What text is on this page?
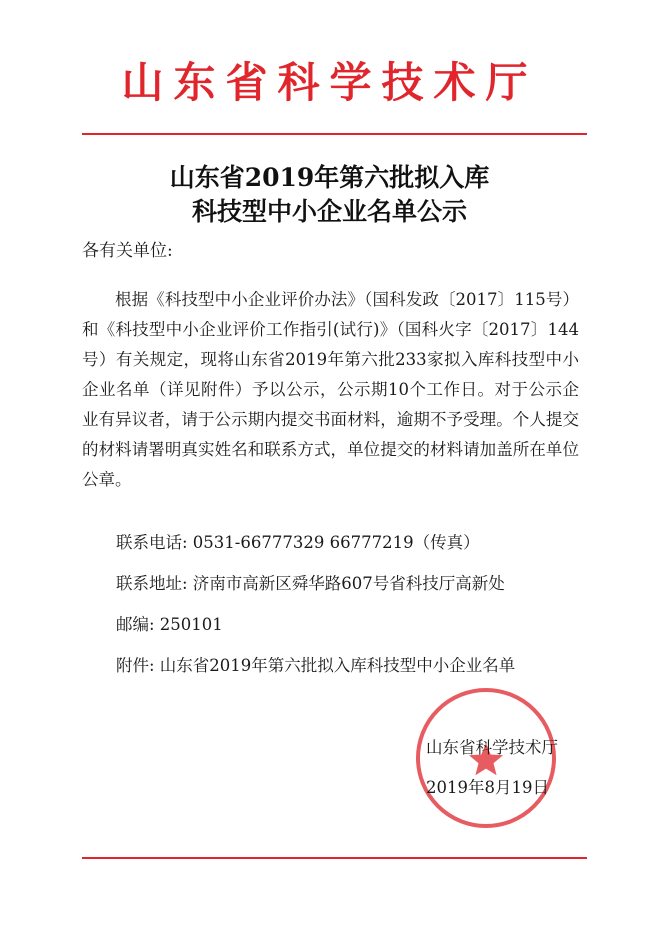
山东省科学技术厅
山东省2019年第六批拟入库
科技型中小企业名单公示
各有关单位:
根据《科技型中小企业评价办法》（国科发政〔2017〕115号）和《科技型中小企业评价工作指引(试行)》（国科火字〔2017〕144号）有关规定，现将山东省2019年第六批233家拟入库科技型中小企业名单（详见附件）予以公示，公示期10个工作日。对于公示企业有异议者，请于公示期内提交书面材料，逾期不予受理。个人提交的材料请署明真实姓名和联系方式，单位提交的材料请加盖所在单位公章。
联系电话: 0531-66777329 66777219（传真）
联系地址: 济南市高新区舜华路607号省科技厅高新处
邮编: 250101
附件: 山东省2019年第六批拟入库科技型中小企业名单
山东省科学技术厅
2019年8月19日
